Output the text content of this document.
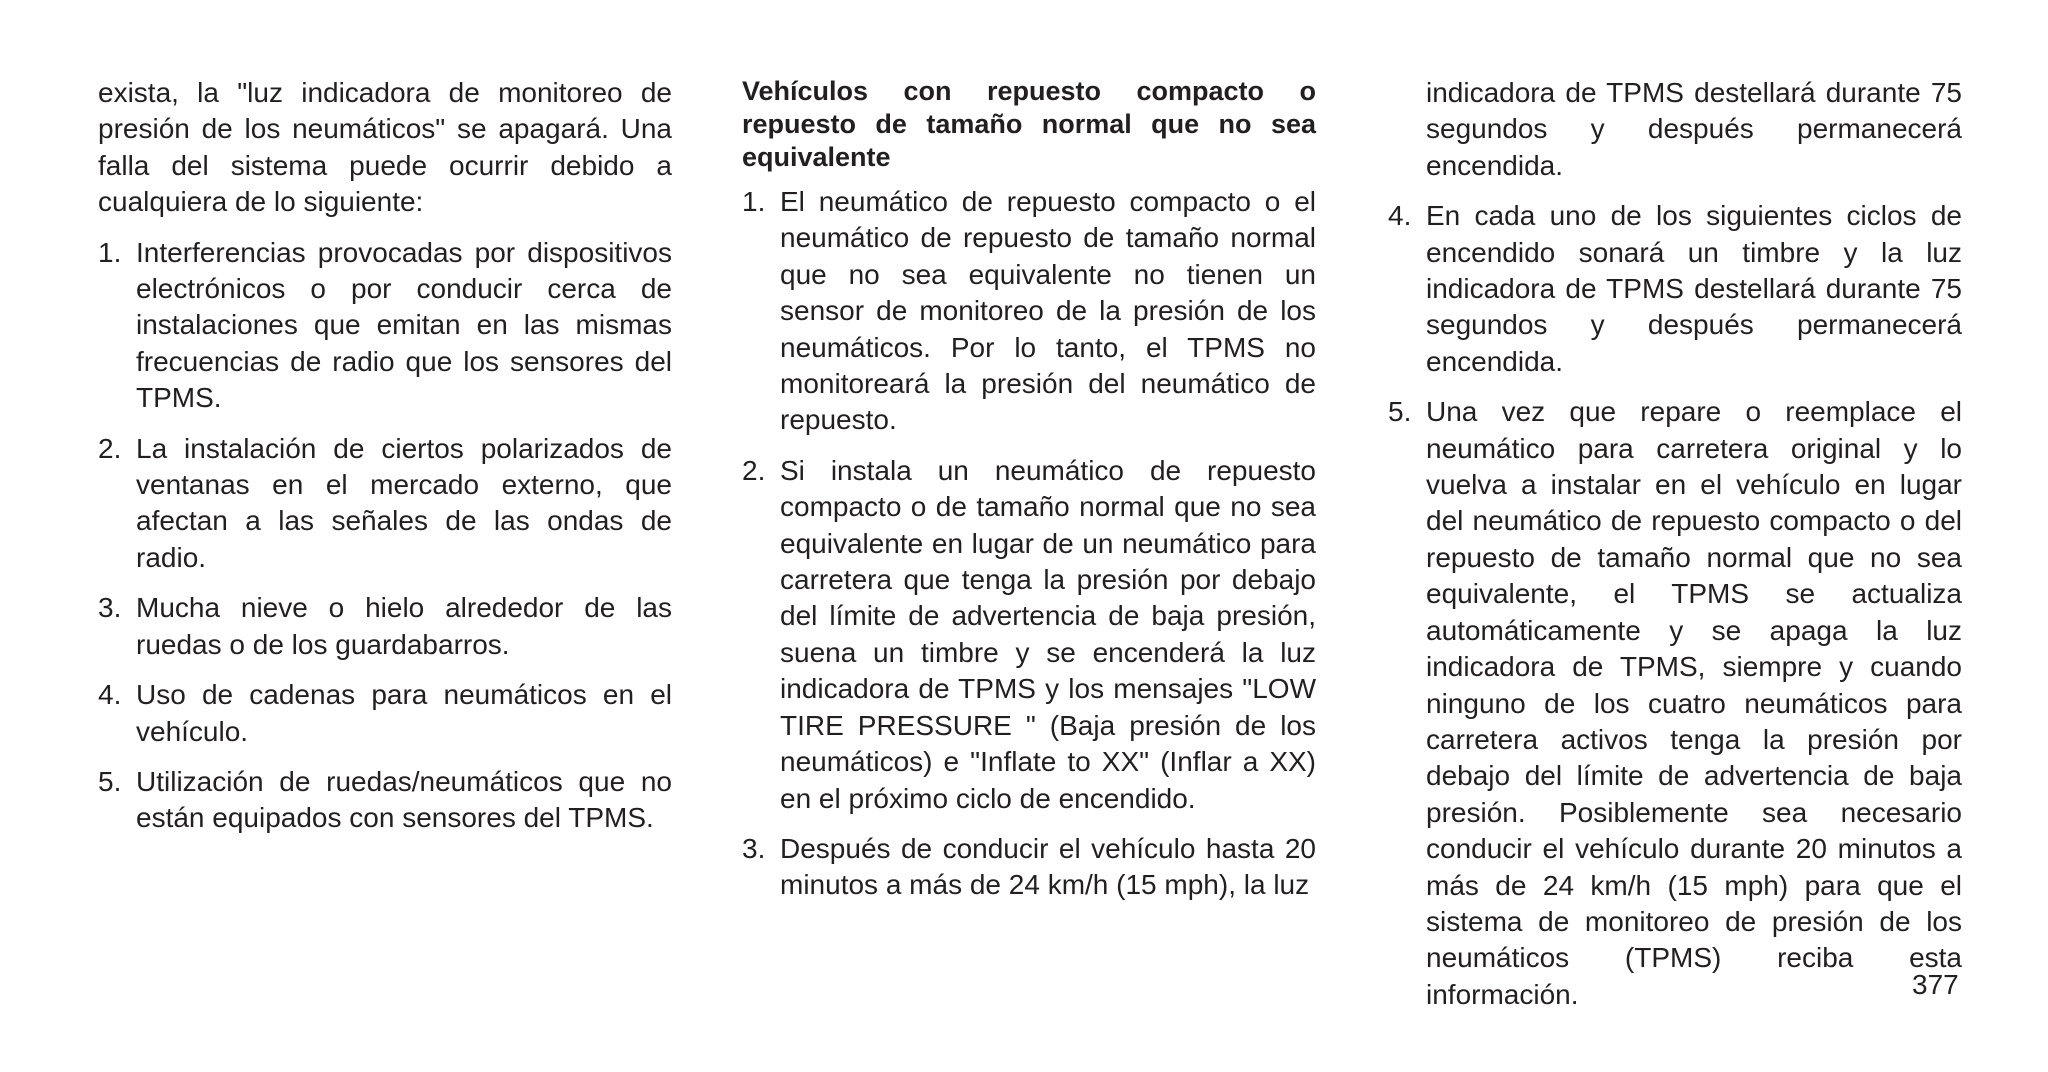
exista, la "luz indicadora de monitoreo de presión de los neumáticos" se apagará. Una falla del sistema puede ocurrir debido a cualquiera de lo siguiente:

1. Interferencias provocadas por dispositivos electrónicos o por conducir cerca de instalaciones que emitan en las mismas frecuencias de radio que los sensores del TPMS.
2. La instalación de ciertos polarizados de ventanas en el mercado externo, que afectan a las señales de las ondas de radio.
3. Mucha nieve o hielo alrededor de las ruedas o de los guardabarros.
4. Uso de cadenas para neumáticos en el vehículo.
5. Utilización de ruedas/neumáticos que no están equipados con sensores del TPMS.
Vehículos con repuesto compacto o repuesto de tamaño normal que no sea equivalente
1. El neumático de repuesto compacto o el neumático de repuesto de tamaño normal que no sea equivalente no tienen un sensor de monitoreo de la presión de los neumáticos. Por lo tanto, el TPMS no monitoreará la presión del neumático de repuesto.
2. Si instala un neumático de repuesto compacto o de tamaño normal que no sea equivalente en lugar de un neumático para carretera que tenga la presión por debajo del límite de advertencia de baja presión, suena un timbre y se encenderá la luz indicadora de TPMS y los mensajes "LOW TIRE PRESSURE " (Baja presión de los neumáticos) e "Inflate to XX" (Inflar a XX) en el próximo ciclo de encendido.
3. Después de conducir el vehículo hasta 20 minutos a más de 24 km/h (15 mph), la luz
indicadora de TPMS destellará durante 75 segundos y después permanecerá encendida.
4. En cada uno de los siguientes ciclos de encendido sonará un timbre y la luz indicadora de TPMS destellará durante 75 segundos y después permanecerá encendida.
5. Una vez que repare o reemplace el neumático para carretera original y lo vuelva a instalar en el vehículo en lugar del neumático de repuesto compacto o del repuesto de tamaño normal que no sea equivalente, el TPMS se actualiza automáticamente y se apaga la luz indicadora de TPMS, siempre y cuando ninguno de los cuatro neumáticos para carretera activos tenga la presión por debajo del límite de advertencia de baja presión. Posiblemente sea necesario conducir el vehículo durante 20 minutos a más de 24 km/h (15 mph) para que el sistema de monitoreo de presión de los neumáticos (TPMS) reciba esta información.	377
